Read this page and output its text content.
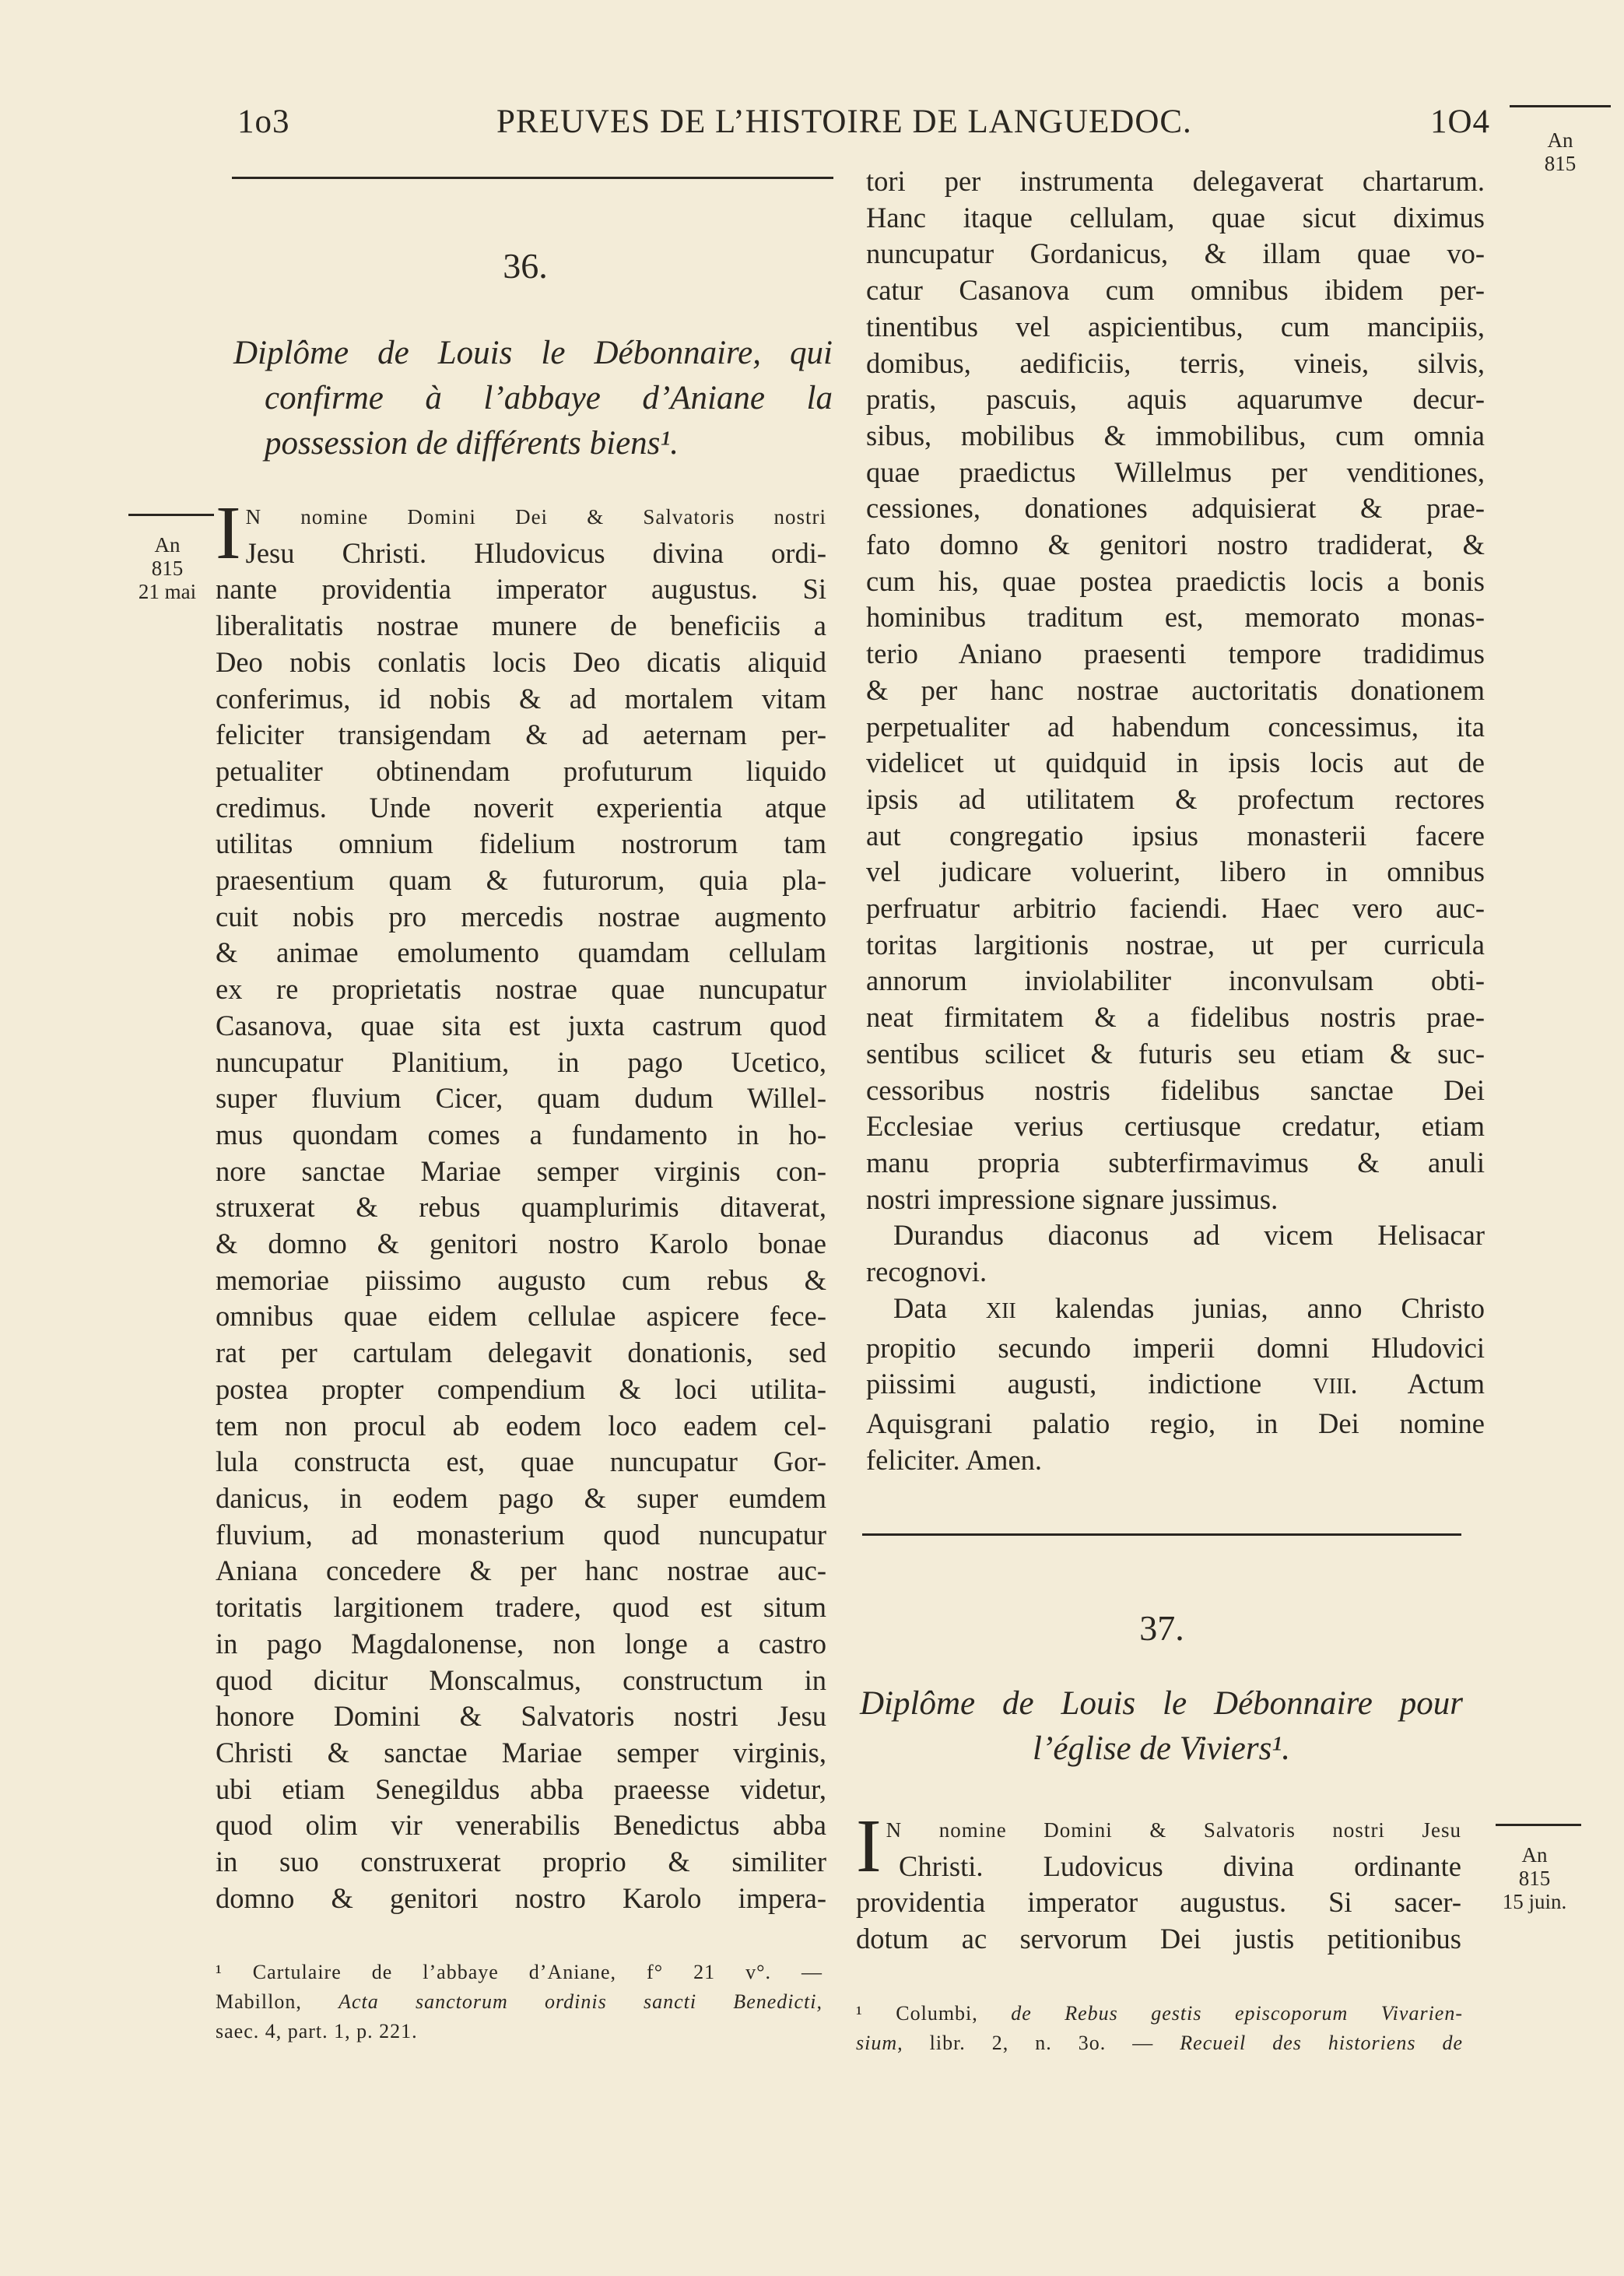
1o3	PREUVES DE L’HISTOIRE DE LANGUEDOC.	1O4	An
815
36.
Diplôme de Louis le Débonnaire, qui
confirme à l’abbaye d’Aniane la
possession de différents biens¹.
An
815
21 mai
I N nomine Domini Dei & Salvatoris nostri
Jesu Christi. Hludovicus divina ordi-
nante providentia imperator augustus. Si
liberalitatis nostrae munere de beneficiis a
Deo nobis conlatis locis Deo dicatis aliquid
conferimus, id nobis & ad mortalem vitam
feliciter transigendam & ad aeternam per-
petualiter obtinendam profuturum liquido
credimus. Unde noverit experientia atque
utilitas omnium fidelium nostrorum tam
praesentium quam & futurorum, quia pla-
cuit nobis pro mercedis nostrae augmento
& animae emolumento quamdam cellulam
ex re proprietatis nostrae quae nuncupatur
Casanova, quae sita est juxta castrum quod
nuncupatur Planitium, in pago Ucetico,
super fluvium Cicer, quam dudum Willel-
mus quondam comes a fundamento in ho-
nore sanctae Mariae semper virginis con-
struxerat & rebus quamplurimis ditaverat,
& domno & genitori nostro Karolo bonae
memoriae piissimo augusto cum rebus &
omnibus quae eidem cellulae aspicere fece-
rat per cartulam delegavit donationis, sed
postea propter compendium & loci utilita-
tem non procul ab eodem loco eadem cel-
lula constructa est, quae nuncupatur Gor-
danicus, in eodem pago & super eumdem
fluvium, ad monasterium quod nuncupatur
Aniana concedere & per hanc nostrae auc-
toritatis largitionem tradere, quod est situm
in pago Magdalonense, non longe a castro
quod dicitur Monscalmus, constructum in
honore Domini & Salvatoris nostri Jesu
Christi & sanctae Mariae semper virginis,
ubi etiam Senegildus abba praeesse videtur,
quod olim vir venerabilis Benedictus abba
in suo construxerat proprio & similiter
domno & genitori nostro Karolo impera-
¹ Cartulaire de l’abbaye d’Aniane, f° 21 v°. —
Mabillon, Acta sanctorum ordinis sancti Benedicti,
saec. 4, part. 1, p. 221.
tori per instrumenta delegaverat chartarum.
Hanc itaque cellulam, quae sicut diximus
nuncupatur Gordanicus, & illam quae vo-
catur Casanova cum omnibus ibidem per-
tinentibus vel aspicientibus, cum mancipiis,
domibus, aedificiis, terris, vineis, silvis,
pratis, pascuis, aquis aquarumve decur-
sibus, mobilibus & immobilibus, cum omnia
quae praedictus Willelmus per venditiones,
cessiones, donationes adquisierat & prae-
fato domno & genitori nostro tradiderat, &
cum his, quae postea praedictis locis a bonis
hominibus traditum est, memorato monas-
terio Aniano praesenti tempore tradidimus
& per hanc nostrae auctoritatis donationem
perpetualiter ad habendum concessimus, ita
videlicet ut quidquid in ipsis locis aut de
ipsis ad utilitatem & profectum rectores
aut congregatio ipsius monasterii facere
vel judicare voluerint, libero in omnibus
perfruatur arbitrio faciendi. Haec vero auc-
toritas largitionis nostrae, ut per curricula
annorum inviolabiliter inconvulsam obti-
neat firmitatem & a fidelibus nostris prae-
sentibus scilicet & futuris seu etiam & suc-
cessoribus nostris fidelibus sanctae Dei
Ecclesiae verius certiusque credatur, etiam
manu propria subterfirmavimus & anuli
nostri impressione signare jussimus.
Durandus diaconus ad vicem Helisacar
recognovi.
Data XII kalendas junias, anno Christo
propitio secundo imperii domni Hludovici
piissimi augusti, indictione VIII. Actum
Aquisgrani palatio regio, in Dei nomine
feliciter. Amen.
37.
Diplôme de Louis le Débonnaire pour
l’église de Viviers¹.
An
815
15 juin.
I N nomine Domini & Salvatoris nostri Jesu
Christi. Ludovicus divina ordinante
providentia imperator augustus. Si sacer-
dotum ac servorum Dei justis petitionibus
¹ Columbi, de Rebus gestis episcoporum Vivarien-
sium, libr. 2, n. 3o. — Recueil des historiens de
